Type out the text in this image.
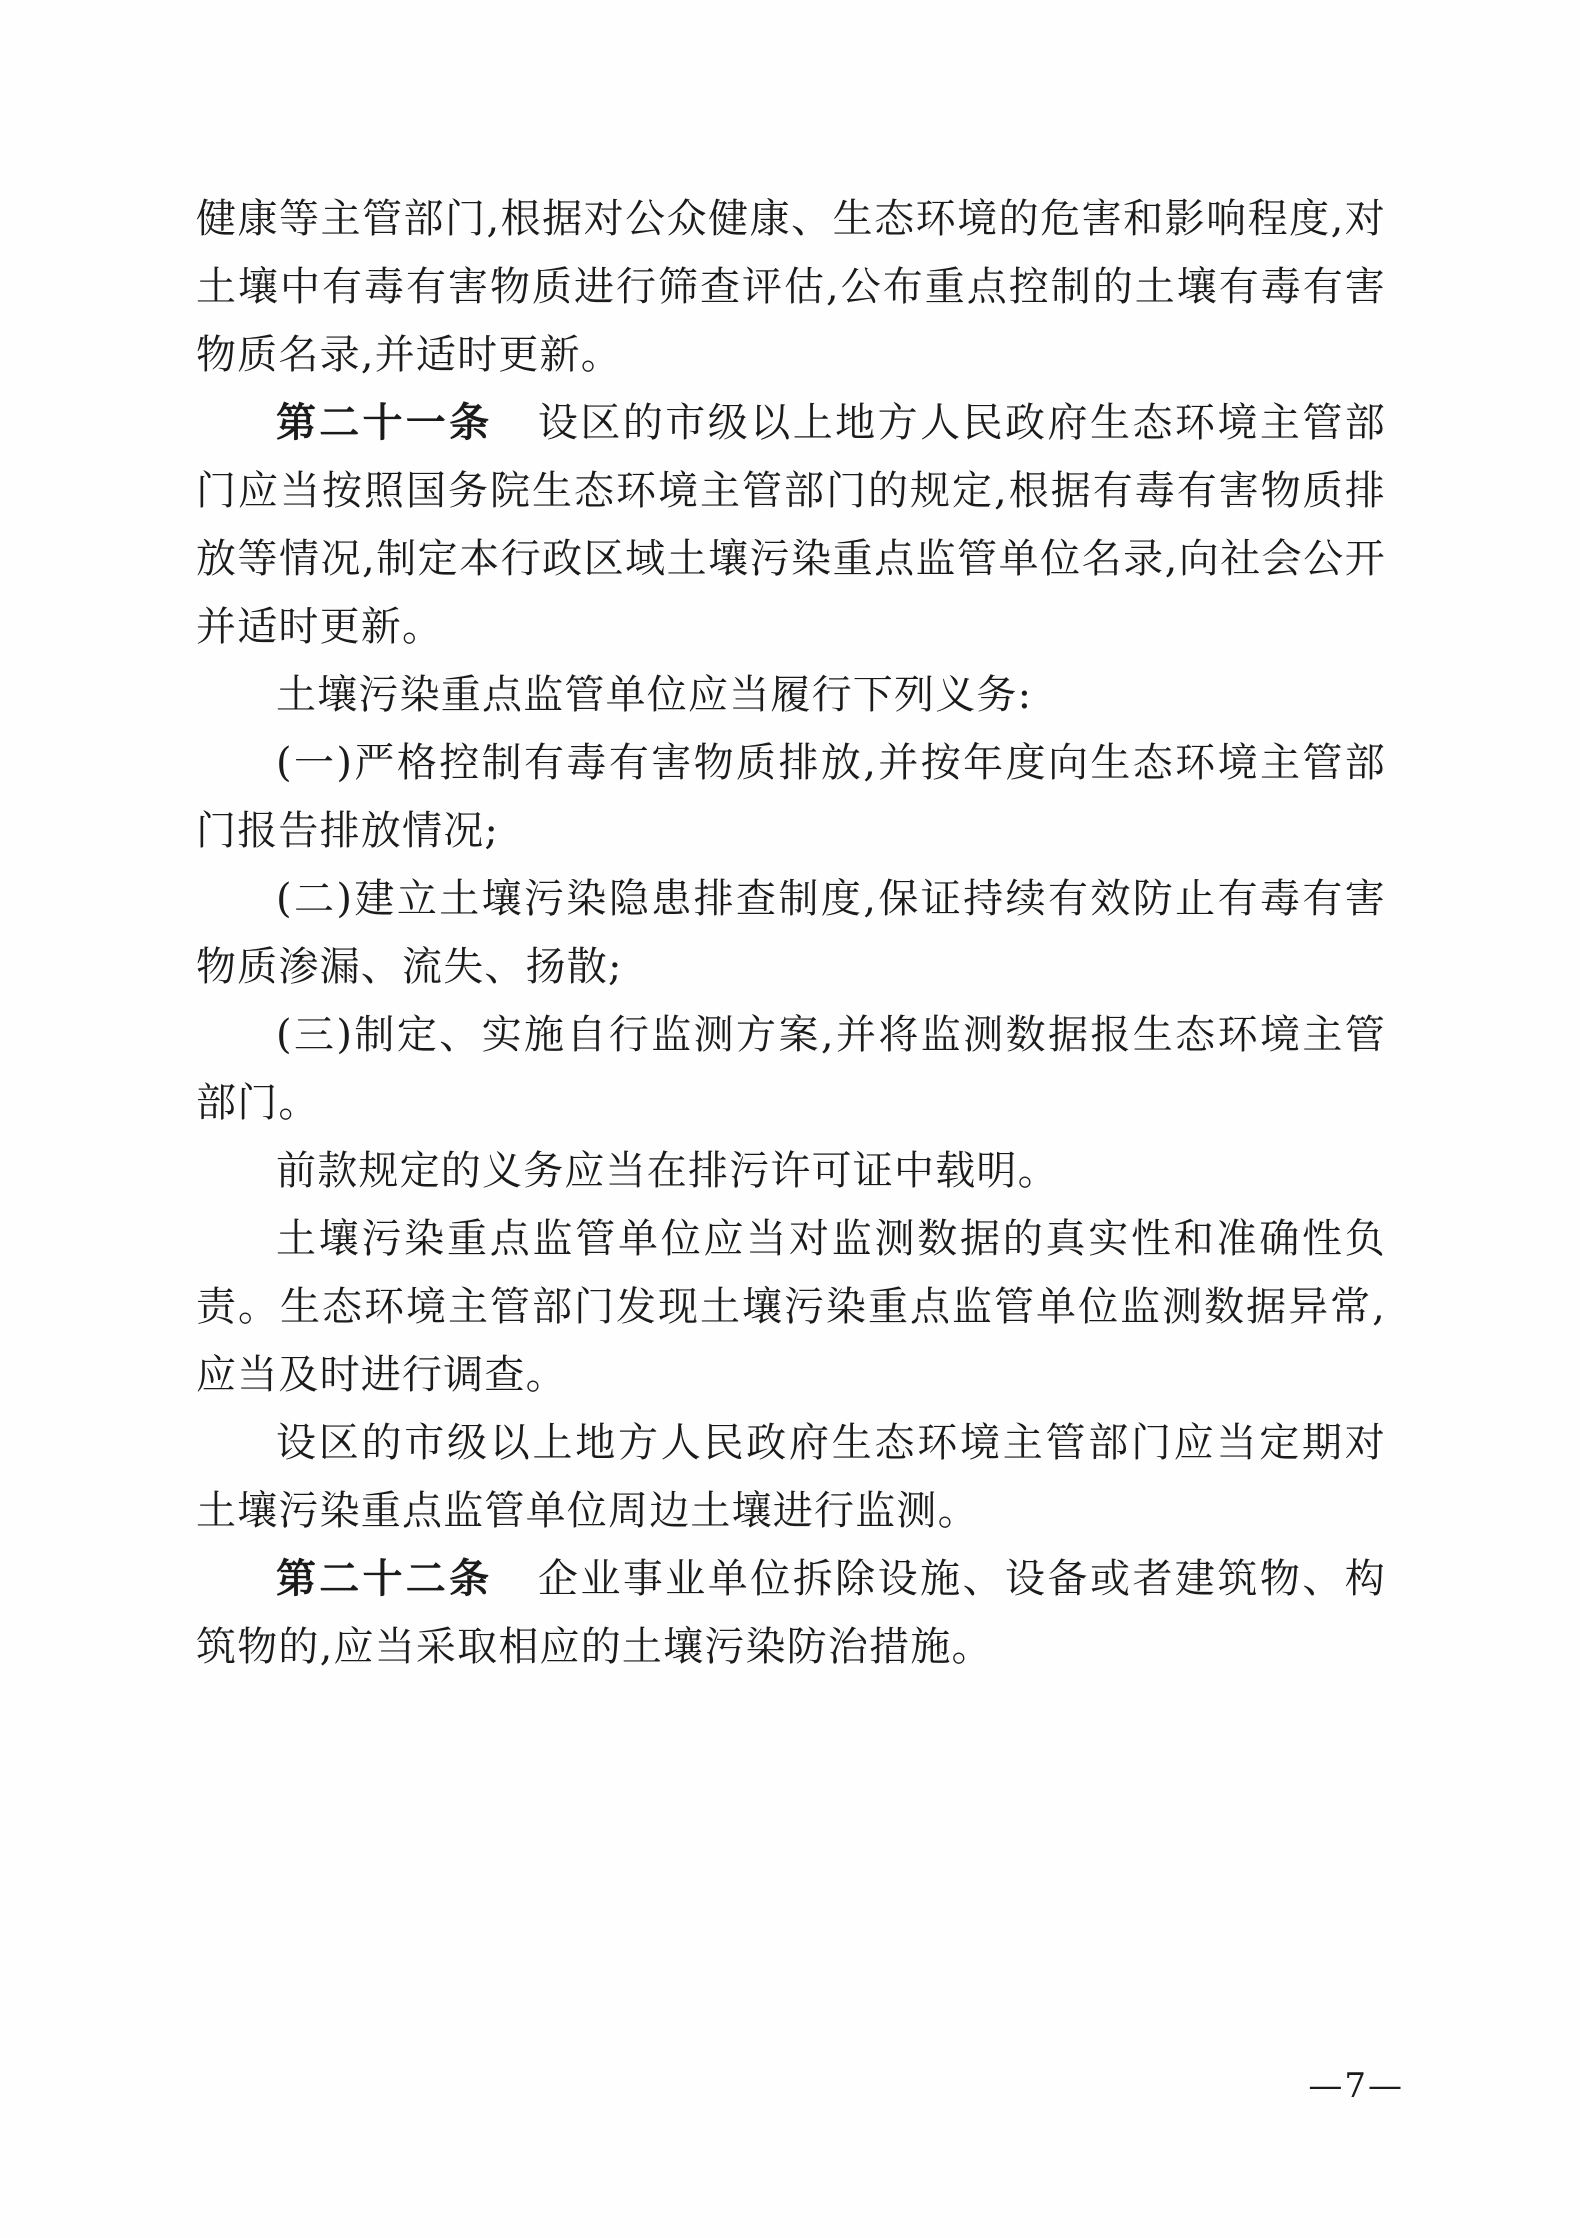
健康等主管部门,根据对公众健康、生态环境的危害和影响程度,对土壤中有毒有害物质进行筛查评估,公布重点控制的土壤有毒有害物质名录,并适时更新。

第二十一条 设区的市级以上地方人民政府生态环境主管部门应当按照国务院生态环境主管部门的规定,根据有毒有害物质排放等情况,制定本行政区域土壤污染重点监管单位名录,向社会公开并适时更新。

土壤污染重点监管单位应当履行下列义务:

(一)严格控制有毒有害物质排放,并按年度向生态环境主管部门报告排放情况;

(二)建立土壤污染隐患排查制度,保证持续有效防止有毒有害物质渗漏、流失、扬散;

(三)制定、实施自行监测方案,并将监测数据报生态环境主管部门。

前款规定的义务应当在排污许可证中载明。

土壤污染重点监管单位应当对监测数据的真实性和准确性负责。生态环境主管部门发现土壤污染重点监管单位监测数据异常,应当及时进行调查。

设区的市级以上地方人民政府生态环境主管部门应当定期对土壤污染重点监管单位周边土壤进行监测。

第二十二条 企业事业单位拆除设施、设备或者建筑物、构筑物的,应当采取相应的土壤污染防治措施。

—7—
